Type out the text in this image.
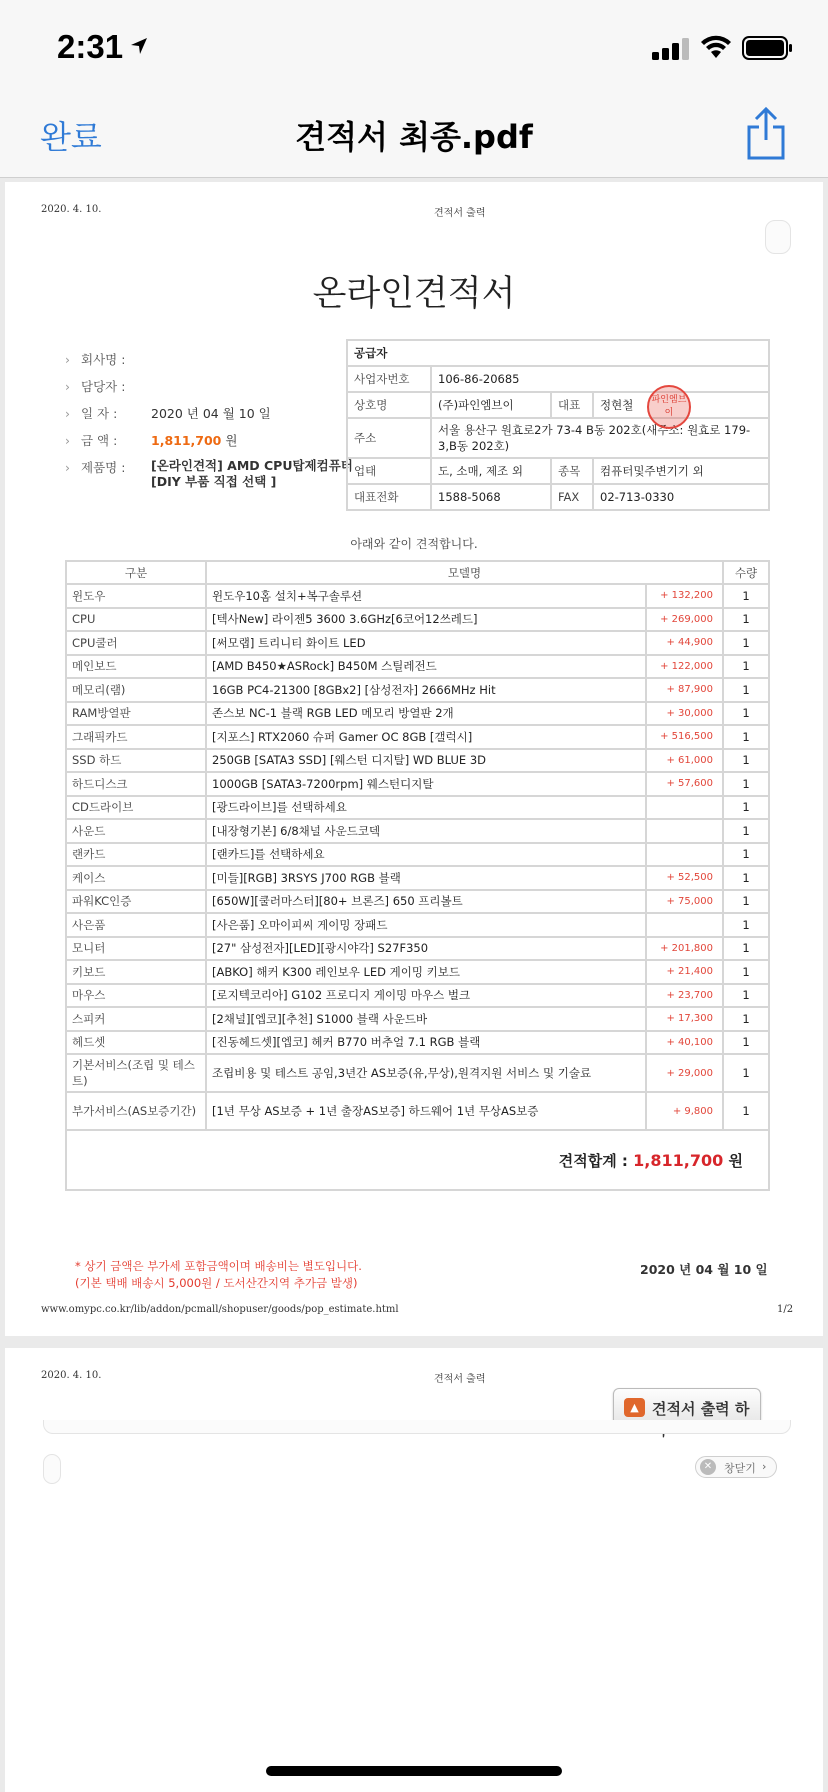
2:31
완료	견적서 최종.pdf
2020. 4. 10.	견적서 출력
온라인견적서
› 회사명 :
› 담당자 :
› 일 자 :	2020 년 04 월 10 일
› 금 액 :	1,811,700 원
› 제품명 :	[온라인견적] AMD CPU탑제컴퓨터
[DIY 부품 직접 선택 ]
공급자			
사업자번호	106-86-20685		
상호명	(주)파인엠브이	대표	정현철
주소	서울 용산구 원효로2가 73-4 B동 202호(새주소: 원효로 179-3,B동 202호)		
업태	도, 소매, 제조 외	종목	컴퓨터및주변기기 외
대표전화	1588-5068	FAX	02-713-0330
파인엠브이
아래와 같이 견적합니다.
구분	모델명		수량
윈도우	윈도우10홈 설치+복구솔루션	+ 132,200	1
CPU	[텍사New] 라이젠5 3600 3.6GHz[6코어12쓰레드]	+ 269,000	1
CPU쿨러	[써모랩] 트리니티 화이트 LED	+ 44,900	1
메인보드	[AMD B450★ASRock] B450M 스틸레전드	+ 122,000	1
메모리(램)	16GB PC4-21300 [8GBx2] [삼성전자] 2666MHz Hit	+ 87,900	1
RAM방열판	존스보 NC-1 블랙 RGB LED 메모리 방열판 2개	+ 30,000	1
그래픽카드	[지포스] RTX2060 슈퍼 Gamer OC 8GB [갤럭시]	+ 516,500	1
SSD 하드	250GB [SATA3 SSD] [웨스턴 디지탈] WD BLUE 3D	+ 61,000	1
하드디스크	1000GB [SATA3-7200rpm] 웨스턴디지탈	+ 57,600	1
CD드라이브	[광드라이브]를 선택하세요		1
사운드	[내장형기본] 6/8채널 사운드코덱		1
랜카드	[랜카드]를 선택하세요		1
케이스	[미들][RGB] 3RSYS J700 RGB 블랙	+ 52,500	1
파워KC인증	[650W][쿨러마스터][80+ 브론즈] 650 프리볼트	+ 75,000	1
사은품	[사은품] 오마이피씨 게이밍 장패드		1
모니터	[27" 삼성전자][LED][광시야각] S27F350	+ 201,800	1
키보드	[ABKO] 해커 K300 레인보우 LED 게이밍 키보드	+ 21,400	1
마우스	[로지텍코리아] G102 프로디지 게이밍 마우스 벌크	+ 23,700	1
스피커	[2채널][엡코][추천] S1000 블랙 사운드바	+ 17,300	1
헤드셋	[진동헤드셋][엡코] 헤커 B770 버추얼 7.1 RGB 블랙	+ 40,100	1
기본서비스(조립 및 테스트)	조립비용 및 테스트 공임,3년간 AS보증(유,무상),원격지원 서비스 및 기술료	+ 29,000	1
부가서비스(AS보증기간)	[1년 무상 AS보증 + 1년 출장AS보증] 하드웨어 1년 무상AS보증	+ 9,800	1
견적합계 : 1,811,700 원			
* 상기 금액은 부가세 포함금액이며 배송비는 별도입니다.
(기본 택배 배송시 5,000원 / 도서산간지역 추가금 발생)
2020 년 04 월 10 일
www.omypc.co.kr/lib/addon/pcmall/shopuser/goods/pop_estimate.html	1/2
2020. 4. 10.	견적서 출력
▲ 견적서 출력 하
✕	창닫기 ›
